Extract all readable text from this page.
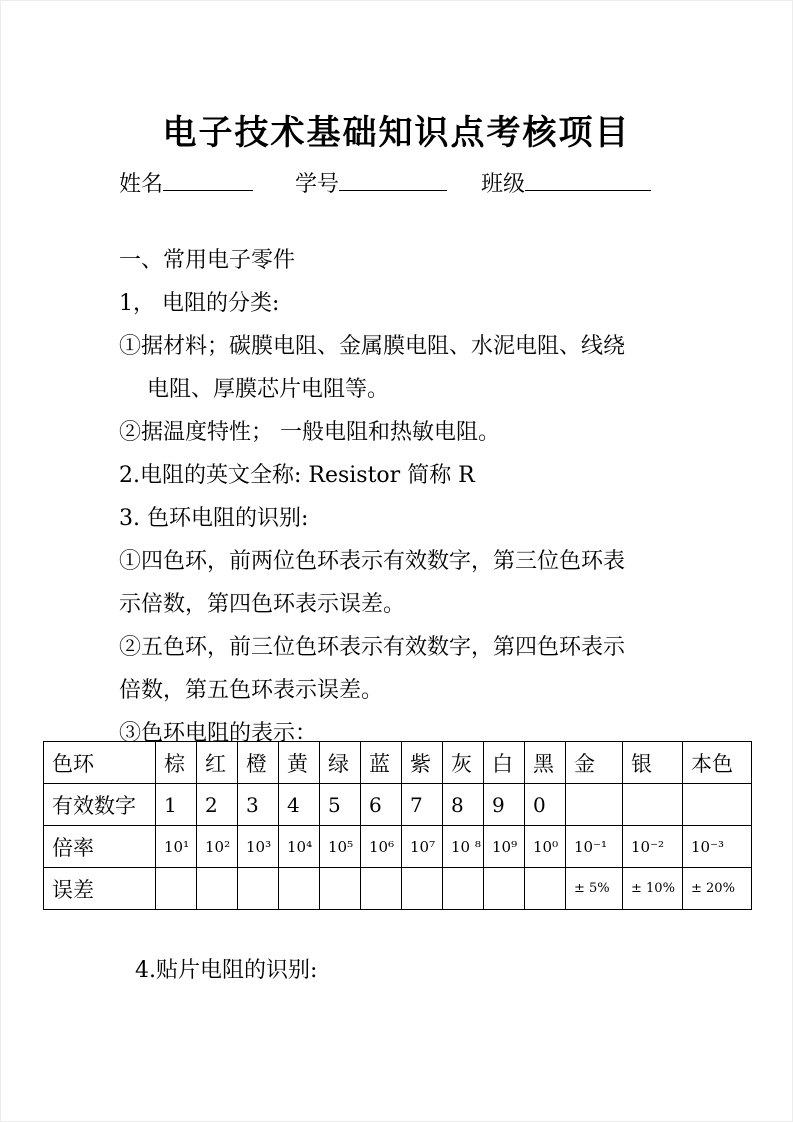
电子技术基础知识点考核项目
姓名	学号	班级

一、常用电子零件

1， 电阻的分类:

①据材料；碳膜电阻、金属膜电阻、水泥电阻、线绕

电阻、厚膜芯片电阻等。

②据温度特性； 一般电阻和热敏电阻。

2.电阻的英文全称: Resistor 简称 R

3. 色环电阻的识别:

①四色环，前两位色环表示有效数字，第三位色环表

示倍数，第四色环表示误差。

②五色环，前三位色环表示有效数字，第四色环表示

倍数，第五色环表示误差。

③色环电阻的表示：

色环	棕	红	橙	黄	绿	蓝	紫	灰	白	黑	金	银	本色
有效数字	1	2	3	4	5	6	7	8	9	0			
倍率	10¹	10²	10³	10⁴	10⁵	10⁶	10⁷	10 ⁸	10⁹	10⁰	10⁻¹	10⁻²	10⁻³
误差											± 5%	± 10%	± 20%

4.贴片电阻的识别:
